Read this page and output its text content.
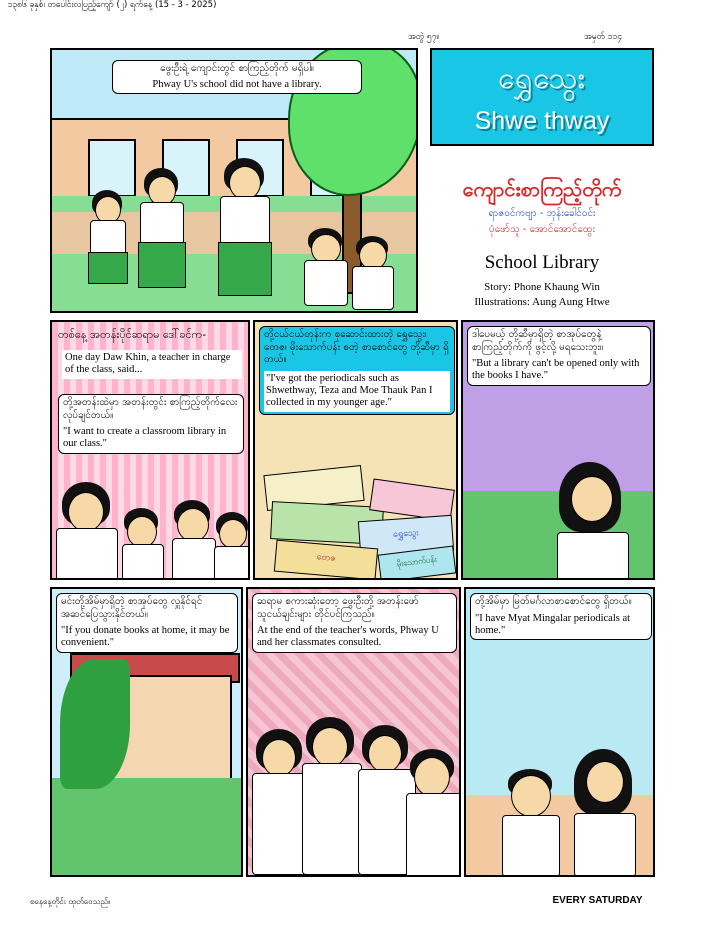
အတွဲ ၅၇။	အမှတ် ၁၁၄
ရွှေသွေး
Shwe thway
၁၃၈၆ ခုနှစ်၊ တပေါင်းလပြည့်ကျော် (၂) ရက်နေ့ (15 - 3 - 2025)
ကျောင်းစာကြည့်တိုက်
ရာဇဝင်ကဗျာ - ဘုန်းခေါင်ဝင်း
ပုံဖော်သူ - အောင်အောင်ထွေး
School Library
Story: Phone Khaung Win
Illustrations: Aung Aung Htwe
ဖွေးဦးရဲ့ ကျောင်းတွင် စာကြည့်တိုက် မရှိပါ။
Phway U's school did not have a library.
တစ်နေ့ အတန်းပိုင်ဆရာမ ဒေါ်ခင်က-
One day Daw Khin, a teacher in charge of the class, said...
တို့အတန်းထဲမှာ အတန်းတွင်း စာကြည့်တိုက်လေး လုပ်ချင်တယ်။
"I want to create a classroom library in our class."
တို့ငယ်ငယ်တုန်းက စုဆောင်းထားတဲ့ ရွှေသွေး၊ တေဇ၊ မိုးသောက်ပန်း စတဲ့ စာစောင်တွေ တို့ဆီမှာ ရှိတယ်။
"I've got the periodicals such as Shwethway, Teza and Moe Thauk Pan I collected in my younger age."
ရွှေသွေး
တေဇ	မိုးသောက်ပန်း
ဒါပေမယ့် တို့ဆီမှာရှိတဲ့ စာအုပ်တွေနဲ့ စာကြည့်တိုက်ကို ဖွင့်လို့ မရသေးဘူး။
"But a library can't be opened only with the books I have."
မင်းတို့အိမ်မှာရှိတဲ့ စာအုပ်တွေ လှူနိုင်ရင် အဆင်ပြေသွားနိုင်တယ်။
"If you donate books at home, it may be convenient."
ဆရာမ စကားဆုံးတော့ ဖွေးဦးတို့ အတန်းဖော် သူငယ်ချင်းများ တိုင်ပင်ကြသည်။
At the end of the teacher's words, Phway U and her classmates consulted.
တို့အိမ်မှာ မြတ်မင်္ဂလာစာစောင်တွေ ရှိတယ်။
"I have Myat Mingalar periodicals at home."
စနေနေ့တိုင်း ထုတ်ဝေသည်။	EVERY SATURDAY
